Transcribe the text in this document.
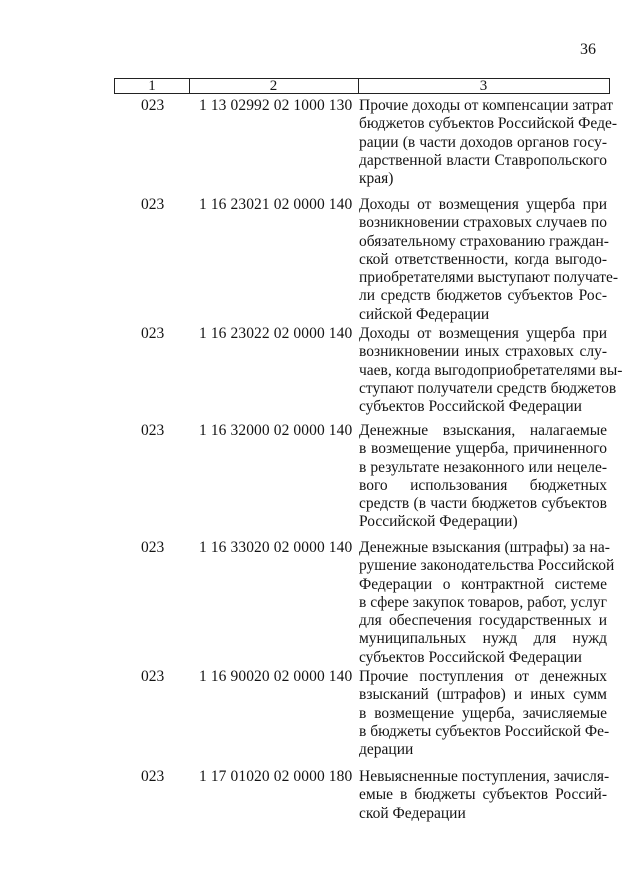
36
1	2	3
023 1 13 02992 02 1000 130 Прочие доходы от компенсации затрат
бюджетов субъектов Российской Феде-
рации (в части доходов органов госу-
дарственной власти Ставропольского
края)
023 1 16 23021 02 0000 140 Доходы от возмещения ущерба при
возникновении страховых случаев по
обязательному страхованию граждан-
ской ответственности, когда выгодо-
приобретателями выступают получате-
ли средств бюджетов субъектов Рос-
сийской Федерации
023 1 16 23022 02 0000 140 Доходы от возмещения ущерба при
возникновении иных страховых слу-
чаев, когда выгодоприобретателями вы-
ступают получатели средств бюджетов
субъектов Российской Федерации
023 1 16 32000 02 0000 140 Денежные взыскания, налагаемые
в возмещение ущерба, причиненного
в результате незаконного или нецеле-
вого использования бюджетных
средств (в части бюджетов субъектов
Российской Федерации)
023 1 16 33020 02 0000 140 Денежные взыскания (штрафы) за на-
рушение законодательства Российской
Федерации о контрактной системе
в сфере закупок товаров, работ, услуг
для обеспечения государственных и
муниципальных нужд для нужд
субъектов Российской Федерации
023 1 16 90020 02 0000 140 Прочие поступления от денежных
взысканий (штрафов) и иных сумм
в возмещение ущерба, зачисляемые
в бюджеты субъектов Российской Фе-
дерации
023 1 17 01020 02 0000 180 Невыясненные поступления, зачисля-
емые в бюджеты субъектов Россий-
ской Федерации
